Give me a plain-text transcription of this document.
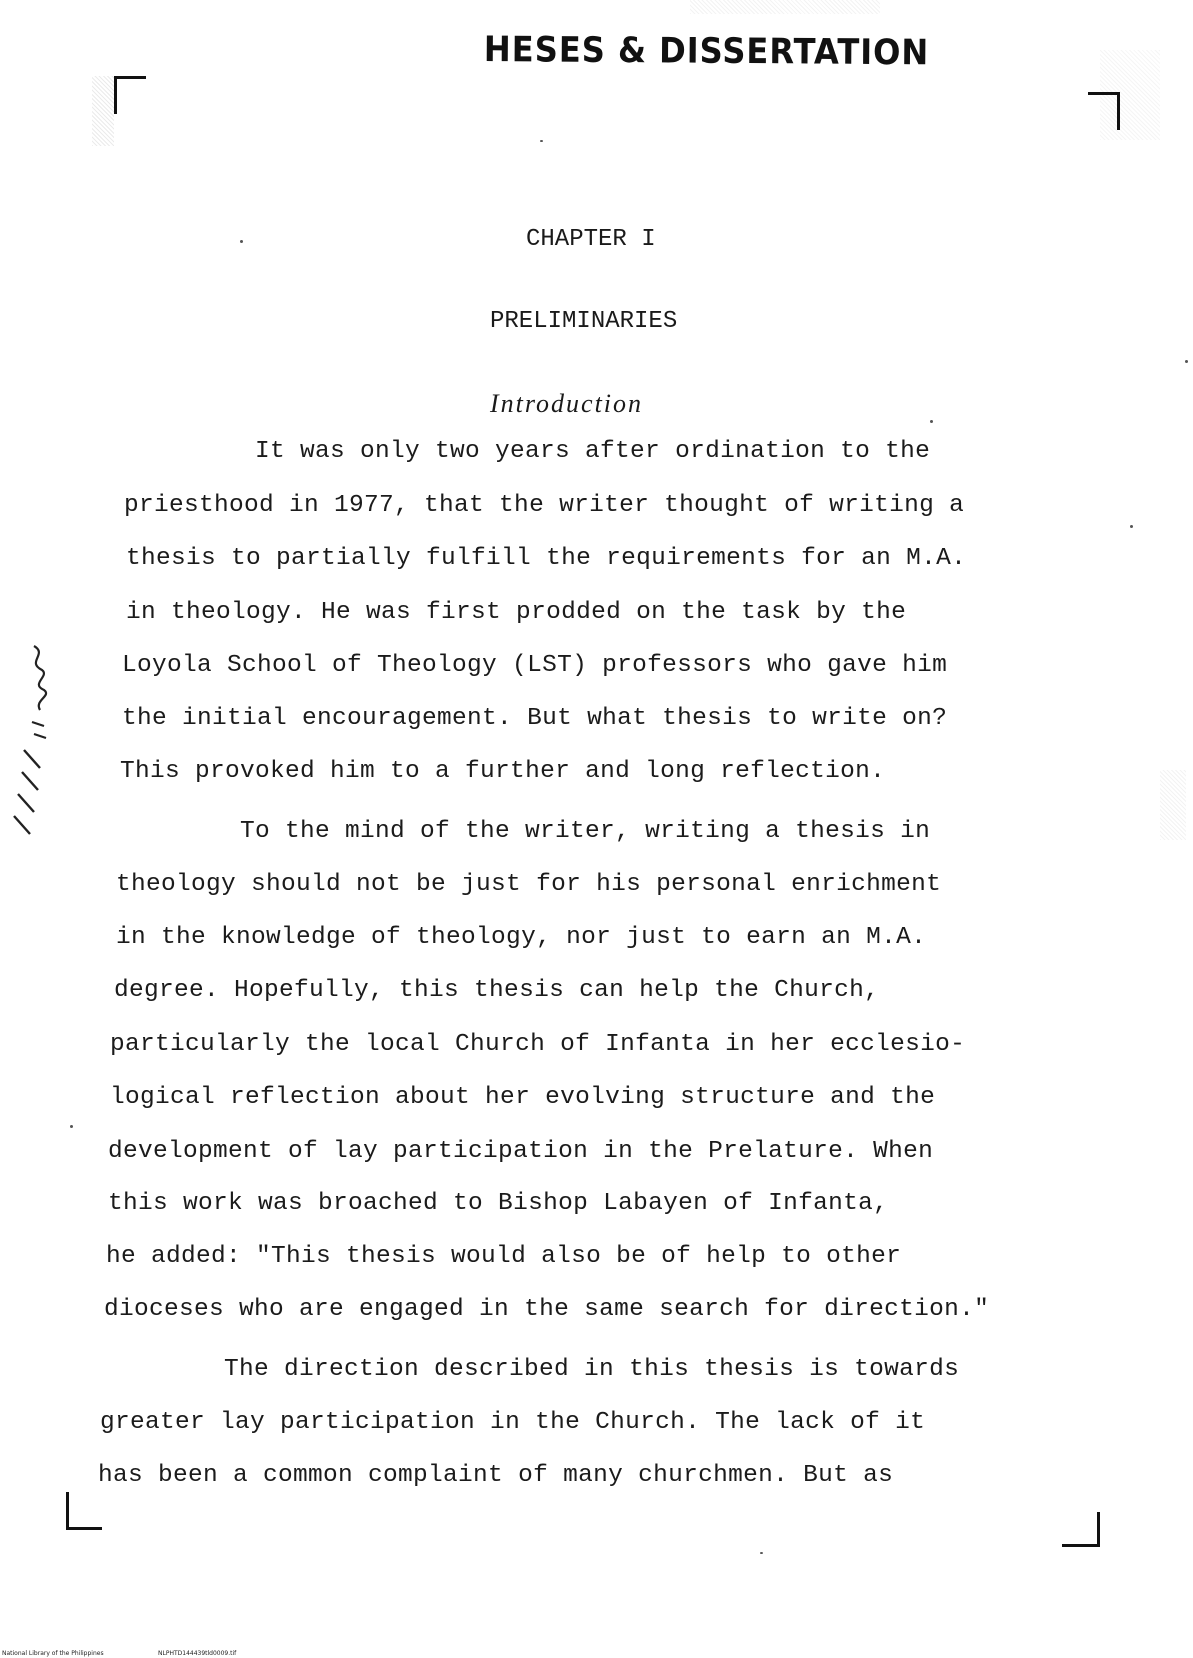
HESES & DISSERTATION
CHAPTER I
PRELIMINARIES
Introduction
It was only two years after ordination to the
priesthood in 1977, that the writer thought of writing a
thesis to partially fulfill the requirements for an M.A.
in theology. He was first prodded on the task by the
Loyola School of Theology (LST) professors who gave him
the initial encouragement. But what thesis to write on?
This provoked him to a further and long reflection.
To the mind of the writer, writing a thesis in
theology should not be just for his personal enrichment
in the knowledge of theology, nor just to earn an M.A.
degree. Hopefully, this thesis can help the Church,
particularly the local Church of Infanta in her ecclesio-
logical reflection about her evolving structure and the
development of lay participation in the Prelature. When
this work was broached to Bishop Labayen of Infanta,
he added: "This thesis would also be of help to other
dioceses who are engaged in the same search for direction."
The direction described in this thesis is towards
greater lay participation in the Church. The lack of it
has been a common complaint of many churchmen. But as
National Library of the Philippines	NLPHTD144439tld0009.tif
